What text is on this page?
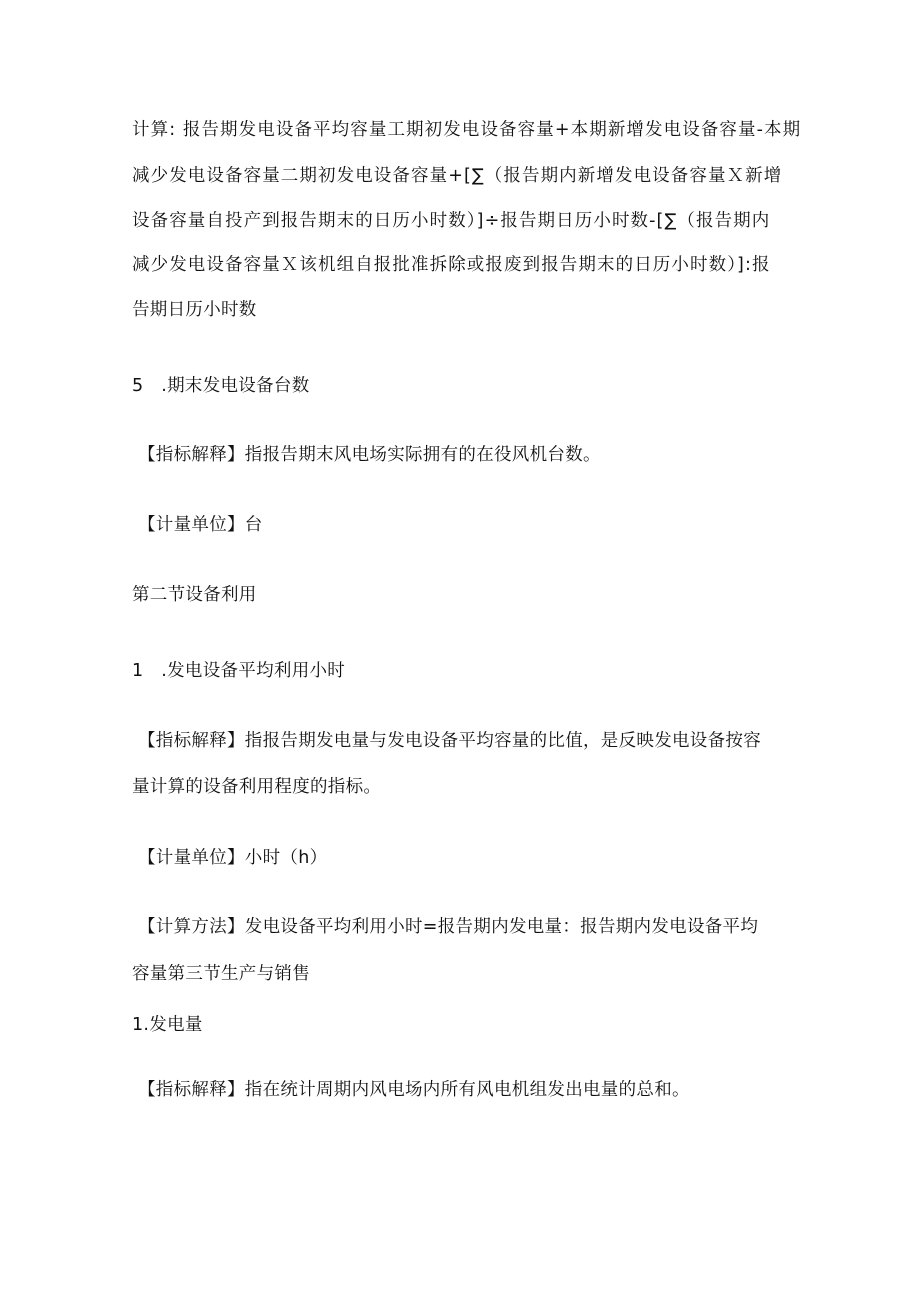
计算: 报告期发电设备平均容量工期初发电设备容量+本期新增发电设备容量-本期
减少发电设备容量二期初发电设备容量+[∑（报告期内新增发电设备容量Ｘ新增
设备容量自投产到报告期末的日历小时数）]÷报告期日历小时数-[∑（报告期内
减少发电设备容量Ｘ该机组自报批准拆除或报废到报告期末的日历小时数）]:报
告期日历小时数
5　.期末发电设备台数
【指标解释】指报告期末风电场实际拥有的在役风机台数。
【计量单位】台
第二节设备利用
1　.发电设备平均利用小时
【指标解释】指报告期发电量与发电设备平均容量的比值，是反映发电设备按容
量计算的设备利用程度的指标。
【计量单位】小时（h）
【计算方法】发电设备平均利用小时=报告期内发电量：报告期内发电设备平均
容量第三节生产与销售
1.发电量
【指标解释】指在统计周期内风电场内所有风电机组发出电量的总和。
